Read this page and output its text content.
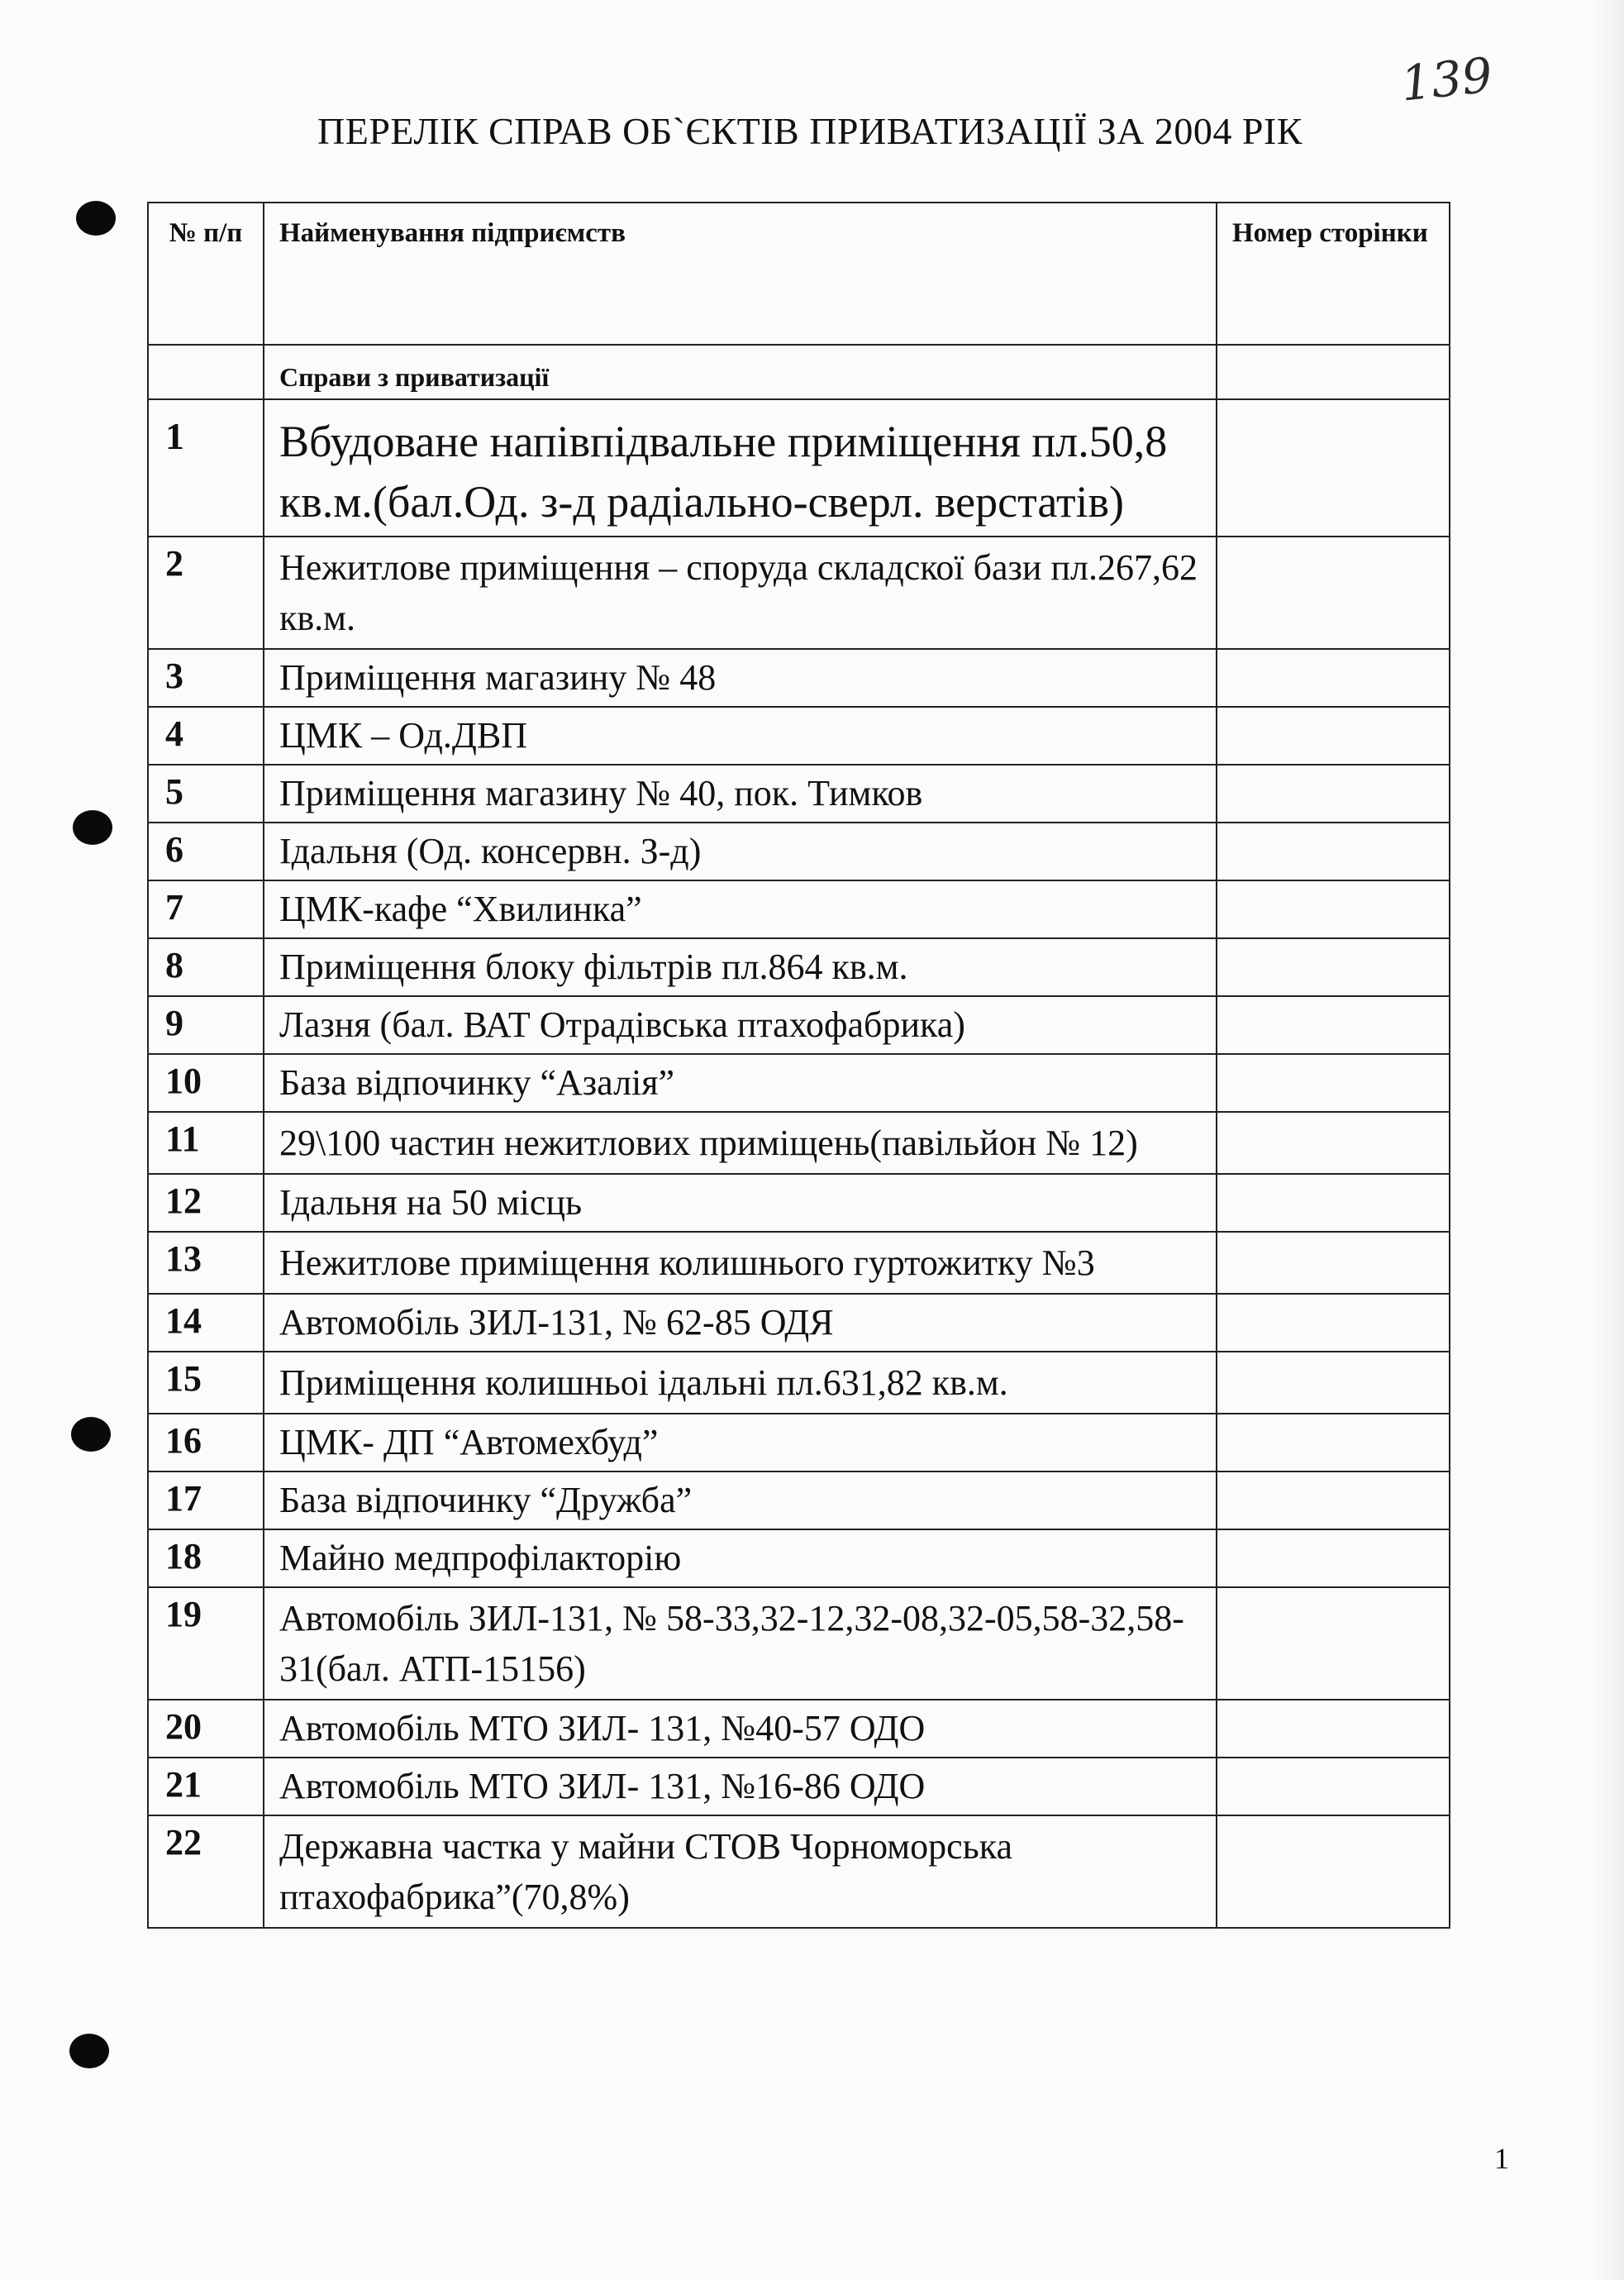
139
ПЕРЕЛІК СПРАВ ОБ`ЄКТІВ ПРИВАТИЗАЦІЇ ЗА 2004 РІК
№ п/п	Найменування підприємств	Номер сторінки
	Справи з приватизації	
1	Вбудоване напівпідвальне приміщення пл.50,8 кв.м.(бал.Од. з-д радіально-сверл. верстатів)	
2	Нежитлове приміщення – споруда складскої бази пл.267,62 кв.м.	
3	Приміщення магазину № 48	
4	ЦМК – Од.ДВП	
5	Приміщення магазину № 40, пок. Тимков	
6	Ідальня (Од. консервн. З-д)	
7	ЦМК-кафе “Хвилинка”	
8	Приміщення блоку фільтрів пл.864 кв.м.	
9	Лазня (бал. ВАТ Отрадівська птахофабрика)	
10	База відпочинку “Азалія”	
11	29\100 частин нежитлових приміщень(павільйон № 12)	
12	Ідальня на 50 місць	
13	Нежитлове приміщення колишнього гуртожитку №3	
14	Автомобіль ЗИЛ-131, № 62-85 ОДЯ	
15	Приміщення колишньоі ідальні пл.631,82 кв.м.	
16	ЦМК- ДП “Автомехбуд”	
17	База відпочинку “Дружба”	
18	Майно медпрофілакторію	
19	Автомобіль ЗИЛ-131, № 58-33,32-12,32-08,32-05,58-32,58-31(бал. АТП-15156)	
20	Автомобіль МТО ЗИЛ- 131, №40-57 ОДО	
21	Автомобіль МТО ЗИЛ- 131, №16-86 ОДО	
22	Державна частка у майни СТОВ Чорноморська птахофабрика”(70,8%)	
1
